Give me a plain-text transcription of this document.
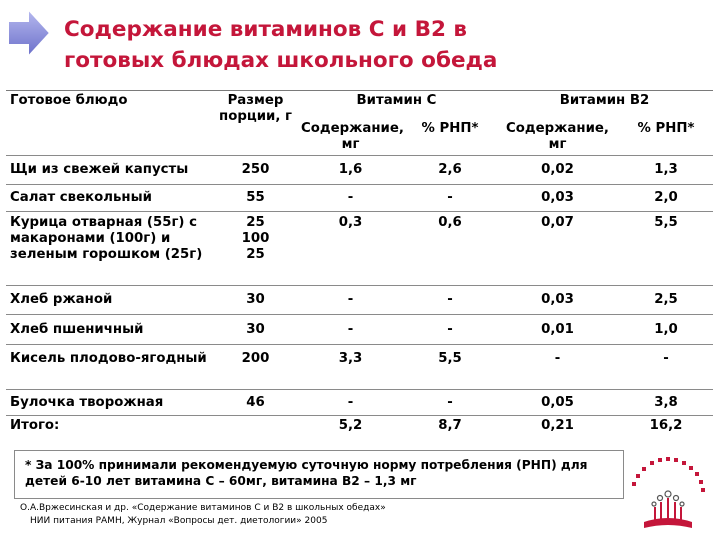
Содержание витаминов С и В2 в
готовых блюдах школьного обеда
Готовое блюдо	Размер порции, г	Витамин С		Витамин В2	
		Содержание, мг	% РНП*	Содержание, мг	% РНП*
Щи из свежей капусты	250	1,6	2,6	0,02	1,3
Салат свекольный	55	-	-	0,03	2,0
Курица отварная (55г) с макаронами (100г) и зеленым горошком (25г)	25
100
25	0,3	0,6	0,07	5,5
Хлеб ржаной	30	-	-	0,03	2,5
Хлеб пшеничный	30	-	-	0,01	1,0
Кисель плодово-ягодный	200	3,3	5,5	-	-
Булочка творожная	46	-	-	0,05	3,8
Итого:		5,2	8,7	0,21	16,2
* За 100% принимали рекомендуемую суточную норму потребления (РНП) для детей 6-10 лет витамина С – 60мг, витамина В2 – 1,3 мг
О.А.Вржесинская и др. «Содержание витаминов С и В2 в школьных обедах»
НИИ питания РАМН, Журнал «Вопросы дет. диетологии» 2005
